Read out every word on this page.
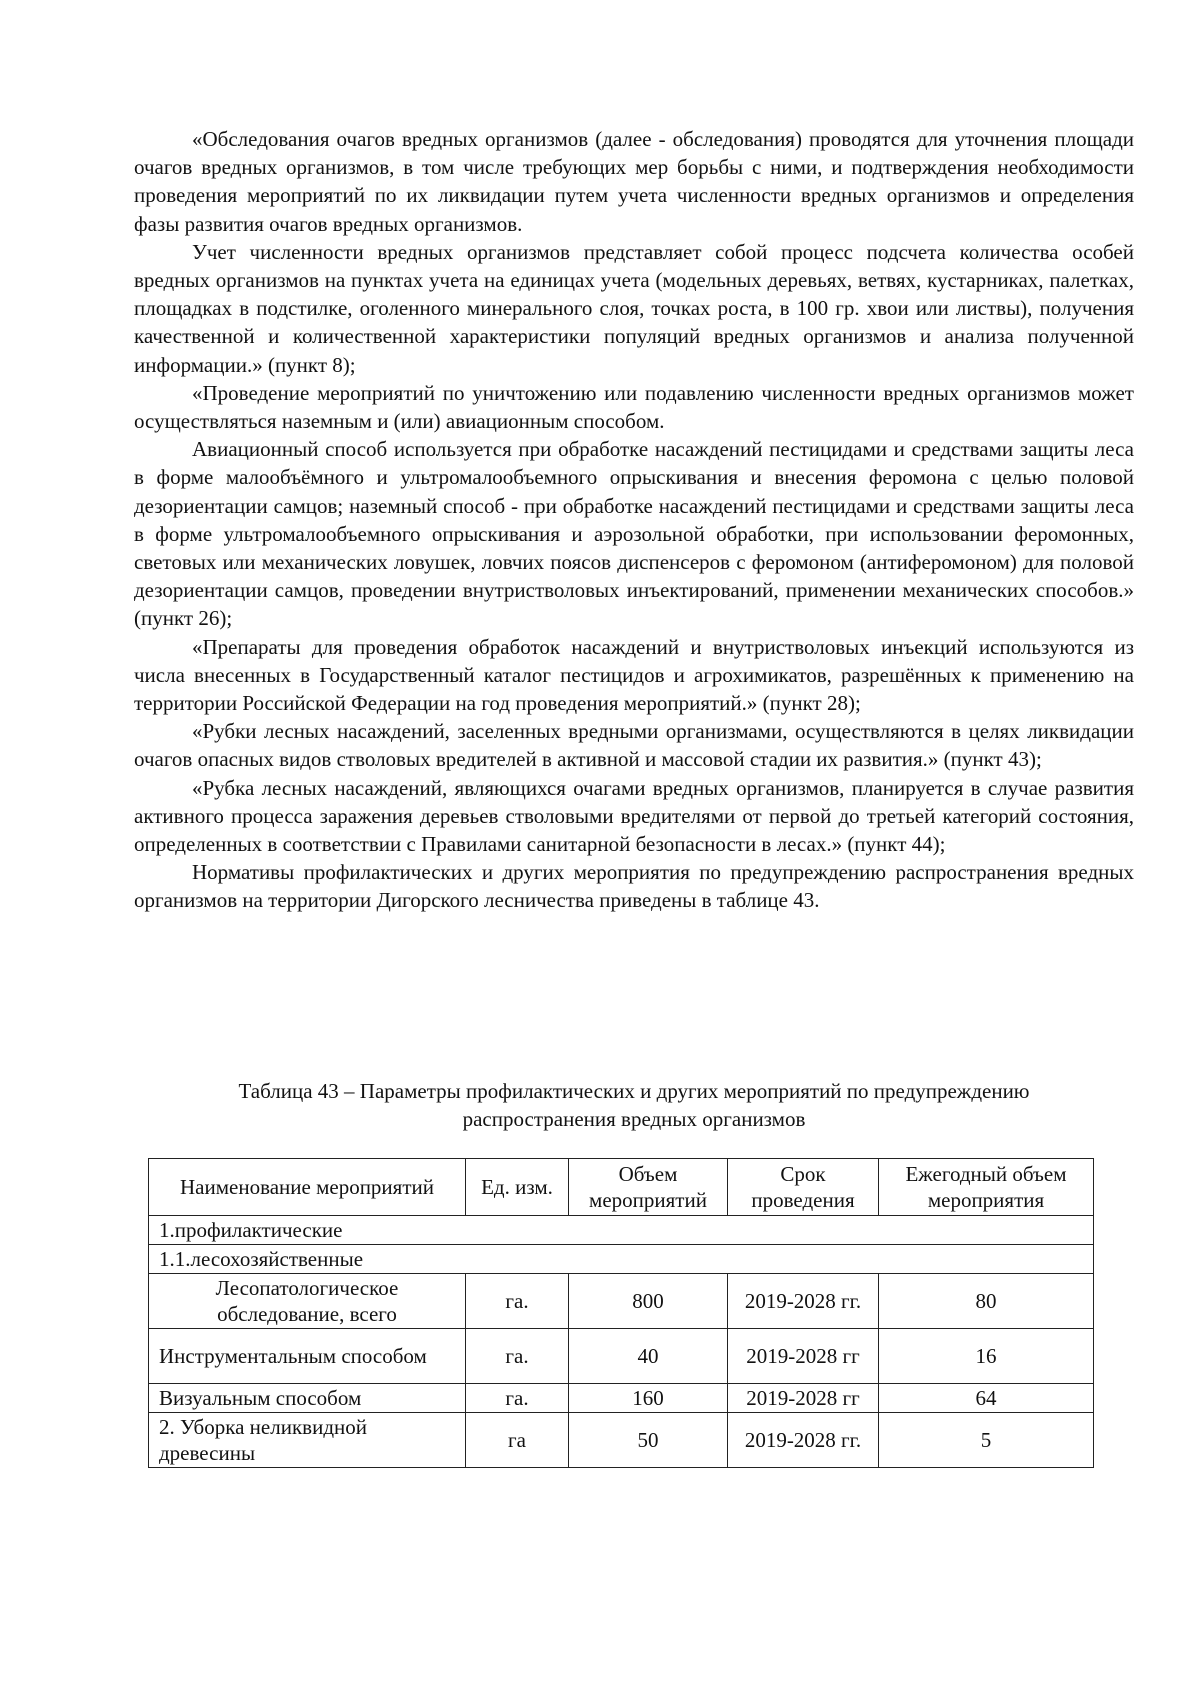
«Обследования очагов вредных организмов (далее - обследования) проводятся для уточнения площади очагов вредных организмов, в том числе требующих мер борьбы с ними, и подтверждения необходимости проведения мероприятий по их ликвидации путем учета численности вредных организмов и определения фазы развития очагов вредных организмов.

Учет численности вредных организмов представляет собой процесс подсчета количества особей вредных организмов на пунктах учета на единицах учета (модельных деревьях, ветвях, кустарниках, палетках, площадках в подстилке, оголенного минерального слоя, точках роста, в 100 гр. хвои или листвы), получения качественной и количественной характеристики популяций вредных организмов и анализа полученной информации.» (пункт 8);

«Проведение мероприятий по уничтожению или подавлению численности вредных организмов может осуществляться наземным и (или) авиационным способом.

Авиационный способ используется при обработке насаждений пестицидами и средствами защиты леса в форме малообъёмного и ультромалообъемного опрыскивания и внесения феромона с целью половой дезориентации самцов; наземный способ - при обработке насаждений пестицидами и средствами защиты леса в форме ультромалообъемного опрыскивания и аэрозольной обработки, при использовании феромонных, световых или механических ловушек, ловчих поясов диспенсеров с феромоном (антиферомоном) для половой дезориентации самцов, проведении внутристволовых инъектирований, применении механических способов.» (пункт 26);

«Препараты для проведения обработок насаждений и внутристволовых инъекций используются из числа внесенных в Государственный каталог пестицидов и агрохимикатов, разрешённых к применению на территории Российской Федерации на год проведения мероприятий.» (пункт 28);

«Рубки лесных насаждений, заселенных вредными организмами, осуществляются в целях ликвидации очагов опасных видов стволовых вредителей в активной и массовой стадии их развития.» (пункт 43);

«Рубка лесных насаждений, являющихся очагами вредных организмов, планируется в случае развития активного процесса заражения деревьев стволовыми вредителями от первой до третьей категорий состояния, определенных в соответствии с Правилами санитарной безопасности в лесах.» (пункт 44);

Нормативы профилактических и других мероприятия по предупреждению распространения вредных организмов на территории Дигорского лесничества приведены в таблице 43.

Таблица 43 – Параметры профилактических и других мероприятий по предупреждению
распространения вредных организмов
Наименование мероприятий	Ед. изм.	Объем мероприятий	Срок проведения	Ежегодный объем мероприятия
1.профилактические				
1.1.лесохозяйственные				
Лесопатологическое обследование, всего	га.	800	2019-2028 гг.	80
Инструментальным способом	га.	40	2019-2028 гг	16
Визуальным способом	га.	160	2019-2028 гг	64
2. Уборка неликвидной древесины	га	50	2019-2028 гг.	5
